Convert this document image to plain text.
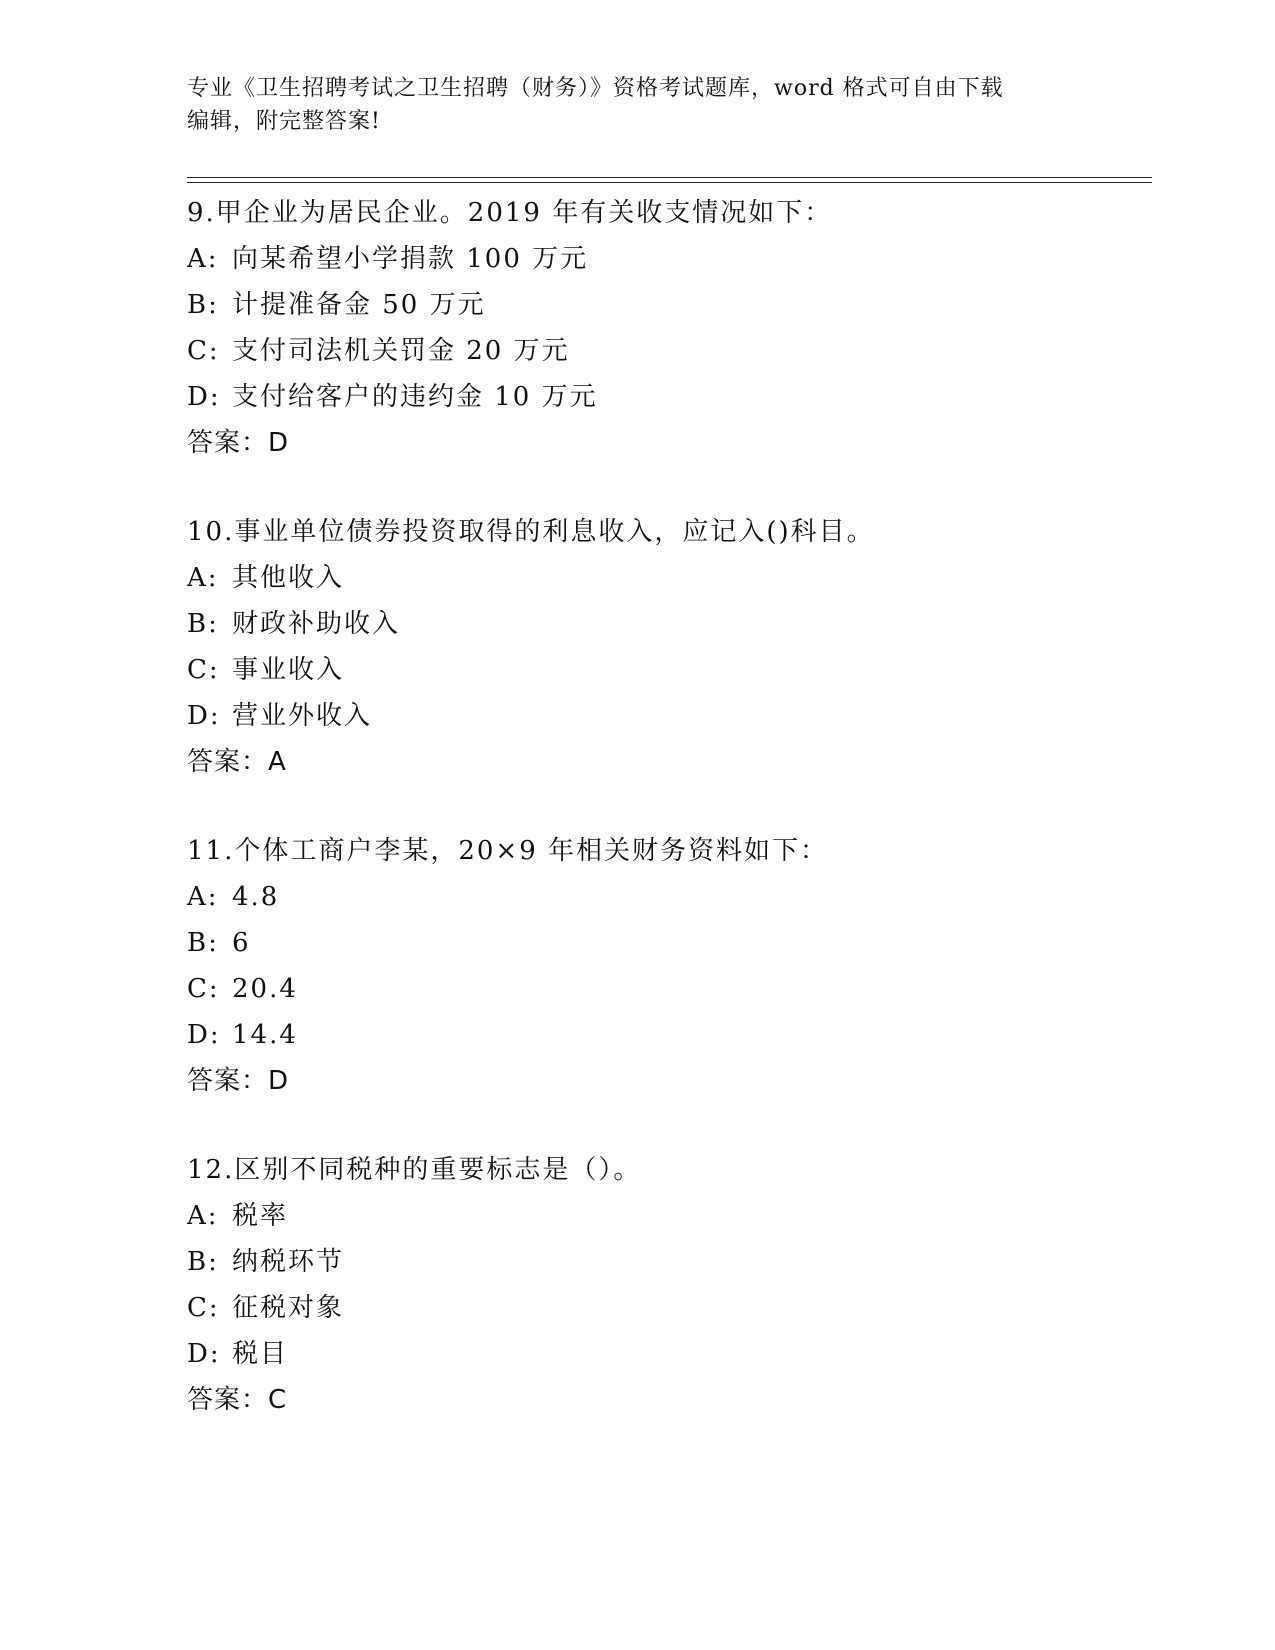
专业《卫生招聘考试之卫生招聘（财务）》资格考试题库，word 格式可自由下载
编辑，附完整答案!
9.甲企业为居民企业。2019 年有关收支情况如下：
A: 向某希望小学捐款 100 万元
B: 计提准备金 50 万元
C: 支付司法机关罚金 20 万元
D: 支付给客户的违约金 10 万元
答案：D
10.事业单位债券投资取得的利息收入，应记入()科目。
A: 其他收入
B: 财政补助收入
C: 事业收入
D: 营业外收入
答案：A
11.个体工商户李某，20×9 年相关财务资料如下：
A: 4.8
B: 6
C: 20.4
D: 14.4
答案：D
12.区别不同税种的重要标志是（）。
A: 税率
B: 纳税环节
C: 征税对象
D: 税目
答案：C
